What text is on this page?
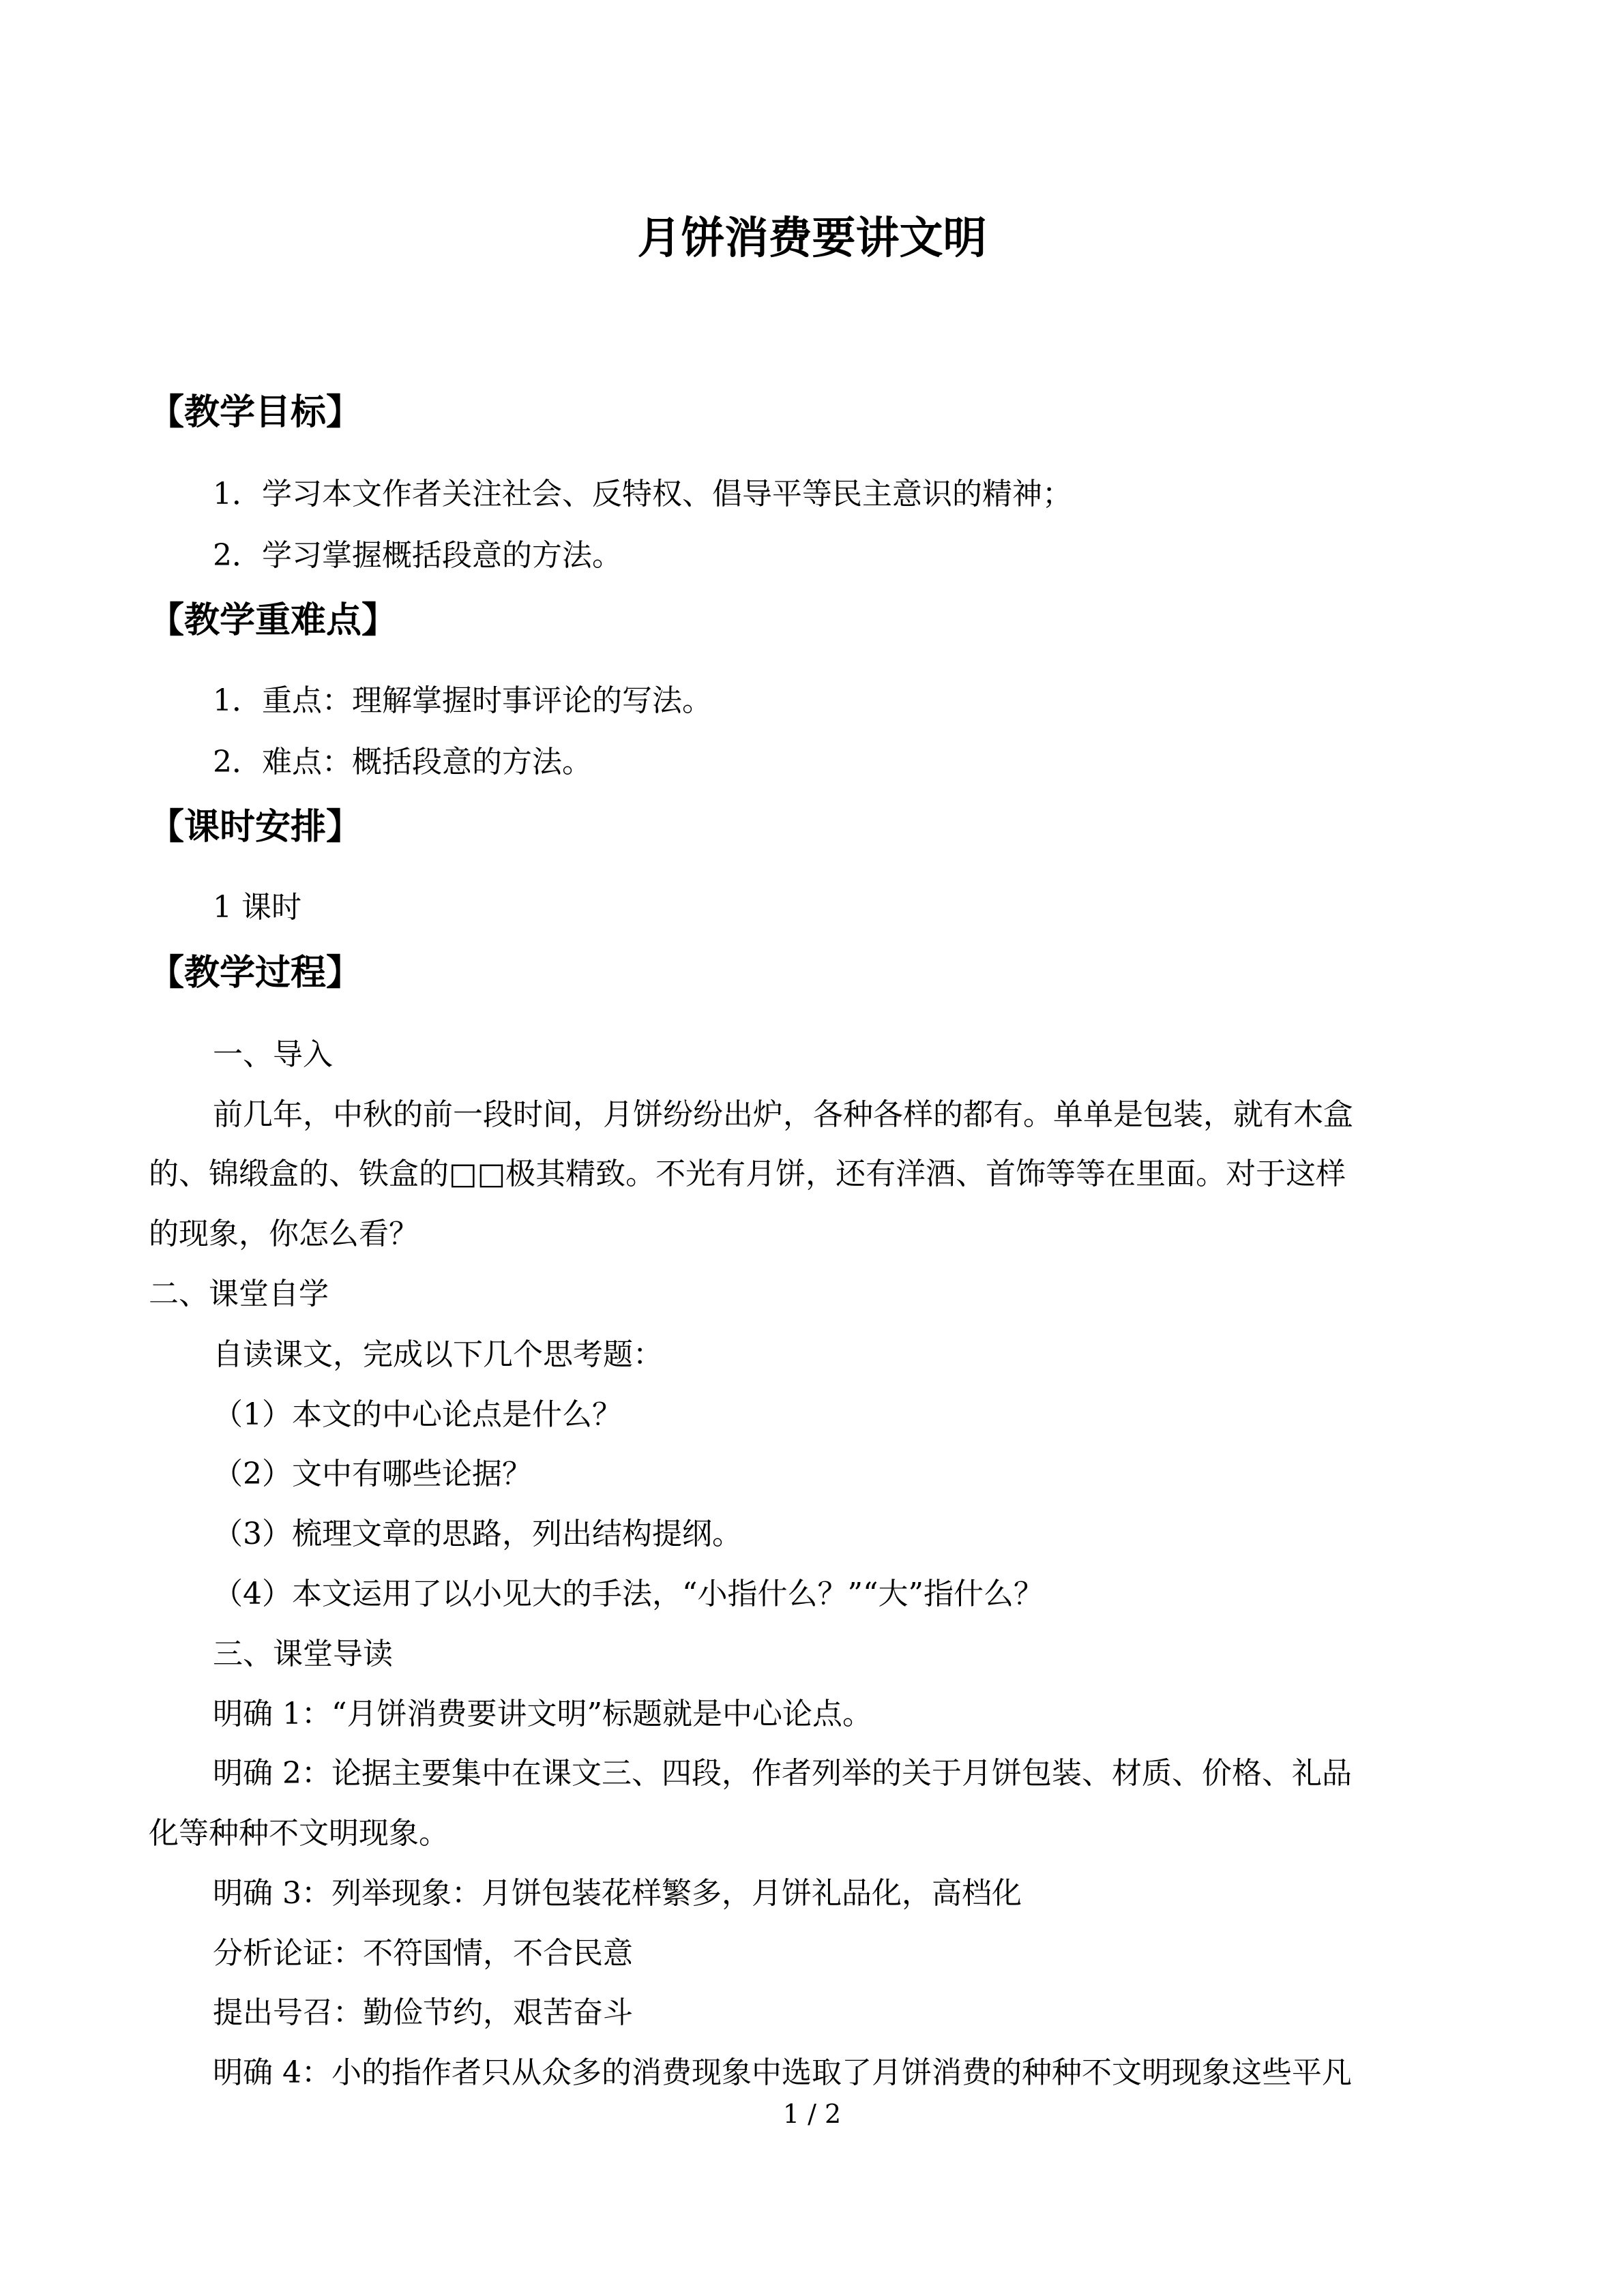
月饼消费要讲文明
【教学目标】

1．学习本文作者关注社会、反特权、倡导平等民主意识的精神；

2．学习掌握概括段意的方法。

【教学重难点】

1．重点：理解掌握时事评论的写法。

2．难点：概括段意的方法。

【课时安排】

1 课时

【教学过程】

一、导入

前几年，中秋的前一段时间，月饼纷纷出炉，各种各样的都有。单单是包装，就有木盒

的、锦缎盒的、铁盒的□□极其精致。不光有月饼，还有洋酒、首饰等等在里面。对于这样

的现象，你怎么看？

二、课堂自学

自读课文，完成以下几个思考题：

（1）本文的中心论点是什么？

（2）文中有哪些论据？

（3）梳理文章的思路，列出结构提纲。

（4）本文运用了以小见大的手法，“小指什么？”“大”指什么？

三、课堂导读

明确 1：“月饼消费要讲文明”标题就是中心论点。

明确 2：论据主要集中在课文三、四段，作者列举的关于月饼包装、材质、价格、礼品

化等种种不文明现象。

明确 3：列举现象：月饼包装花样繁多，月饼礼品化，高档化

分析论证：不符国情，不合民意

提出号召：勤俭节约，艰苦奋斗

明确 4：小的指作者只从众多的消费现象中选取了月饼消费的种种不文明现象这些平凡

1 / 2
